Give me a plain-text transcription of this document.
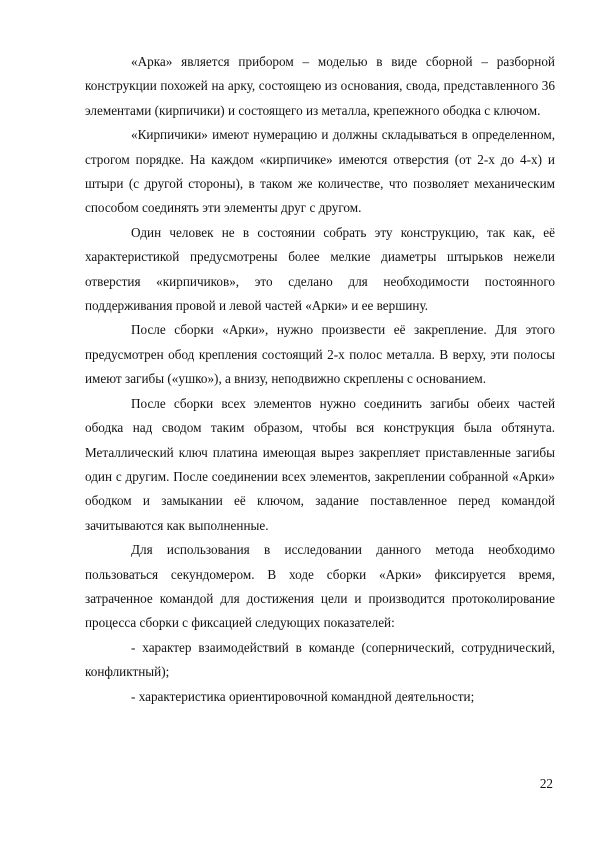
«Арка» является прибором – моделью в виде сборной – разборной конструкции похожей на арку, состоящею из основания, свода, представленного 36 элементами (кирпичики) и состоящего из металла, крепежного ободка с ключом.

«Кирпичики» имеют нумерацию и должны складываться в определенном, строгом порядке. На каждом «кирпичике» имеются отверстия (от 2-х до 4-х) и штыри (с другой стороны), в таком же количестве, что позволяет механическим способом соединять эти элементы друг с другом.

Один человек не в состоянии собрать эту конструкцию, так как, её характеристикой предусмотрены более мелкие диаметры штырьков нежели отверстия «кирпичиков», это сделано для необходимости постоянного поддерживания провой и левой частей «Арки» и ее вершину.

После сборки «Арки», нужно произвести её закрепление. Для этого предусмотрен обод крепления состоящий 2-х полос металла. В верху, эти полосы имеют загибы («ушко»), а внизу, неподвижно скреплены с основанием.

После сборки всех элементов нужно соединить загибы обеих частей ободка над сводом таким образом, чтобы вся конструкция была обтянута. Металлический ключ платина имеющая вырез закрепляет приставленные загибы один с другим. После соединении всех элементов, закреплении собранной «Арки» ободком и замыкании её ключом, задание поставленное перед командой зачитываются как выполненные.

Для использования в исследовании данного метода необходимо пользоваться секундомером. В ходе сборки «Арки» фиксируется время, затраченное командой для достижения цели и производится протоколирование процесса сборки с фиксацией следующих показателей:

- характер взаимодействий в команде (сопернический, сотруднический, конфликтный);

- характеристика ориентировочной командной деятельности;

22
